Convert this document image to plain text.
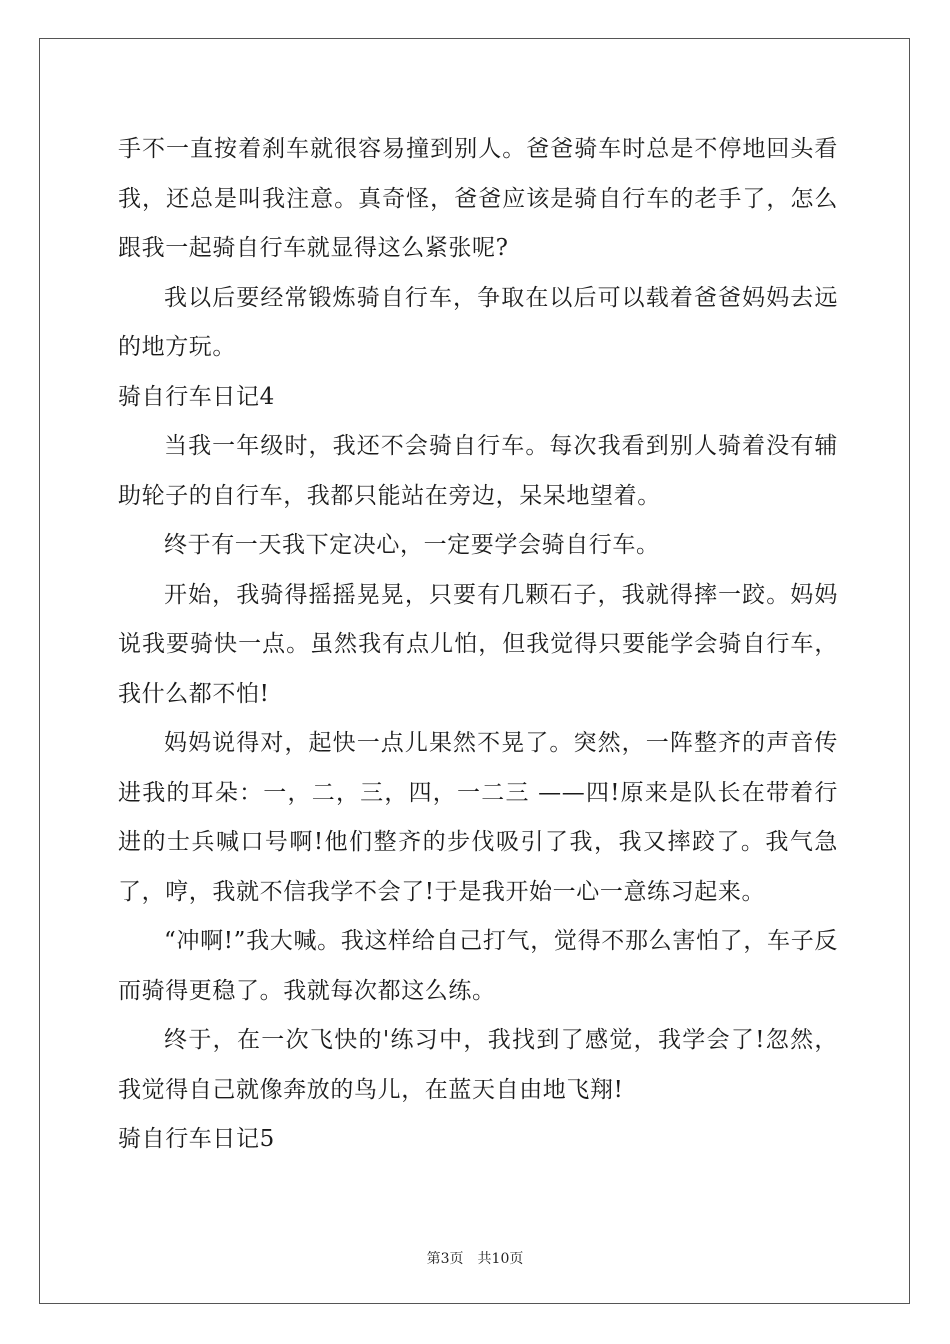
手不一直按着刹车就很容易撞到别人。爸爸骑车时总是不停地回头看我，还总是叫我注意。真奇怪，爸爸应该是骑自行车的老手了，怎么跟我一起骑自行车就显得这么紧张呢?

我以后要经常锻炼骑自行车，争取在以后可以载着爸爸妈妈去远的地方玩。

骑自行车日记4

当我一年级时，我还不会骑自行车。每次我看到别人骑着没有辅助轮子的自行车，我都只能站在旁边，呆呆地望着。

终于有一天我下定决心，一定要学会骑自行车。

开始，我骑得摇摇晃晃，只要有几颗石子，我就得摔一跤。妈妈说我要骑快一点。虽然我有点儿怕，但我觉得只要能学会骑自行车，我什么都不怕!

妈妈说得对，起快一点儿果然不晃了。突然，一阵整齐的声音传进我的耳朵：一，二，三，四，一二三 ——四!原来是队长在带着行进的士兵喊口号啊!他们整齐的步伐吸引了我，我又摔跤了。我气急了，哼，我就不信我学不会了!于是我开始一心一意练习起来。

“冲啊!”我大喊。我这样给自己打气，觉得不那么害怕了，车子反而骑得更稳了。我就每次都这么练。

终于，在一次飞快的'练习中，我找到了感觉，我学会了!忽然，我觉得自己就像奔放的鸟儿，在蓝天自由地飞翔!

骑自行车日记5

第3页 共10页
